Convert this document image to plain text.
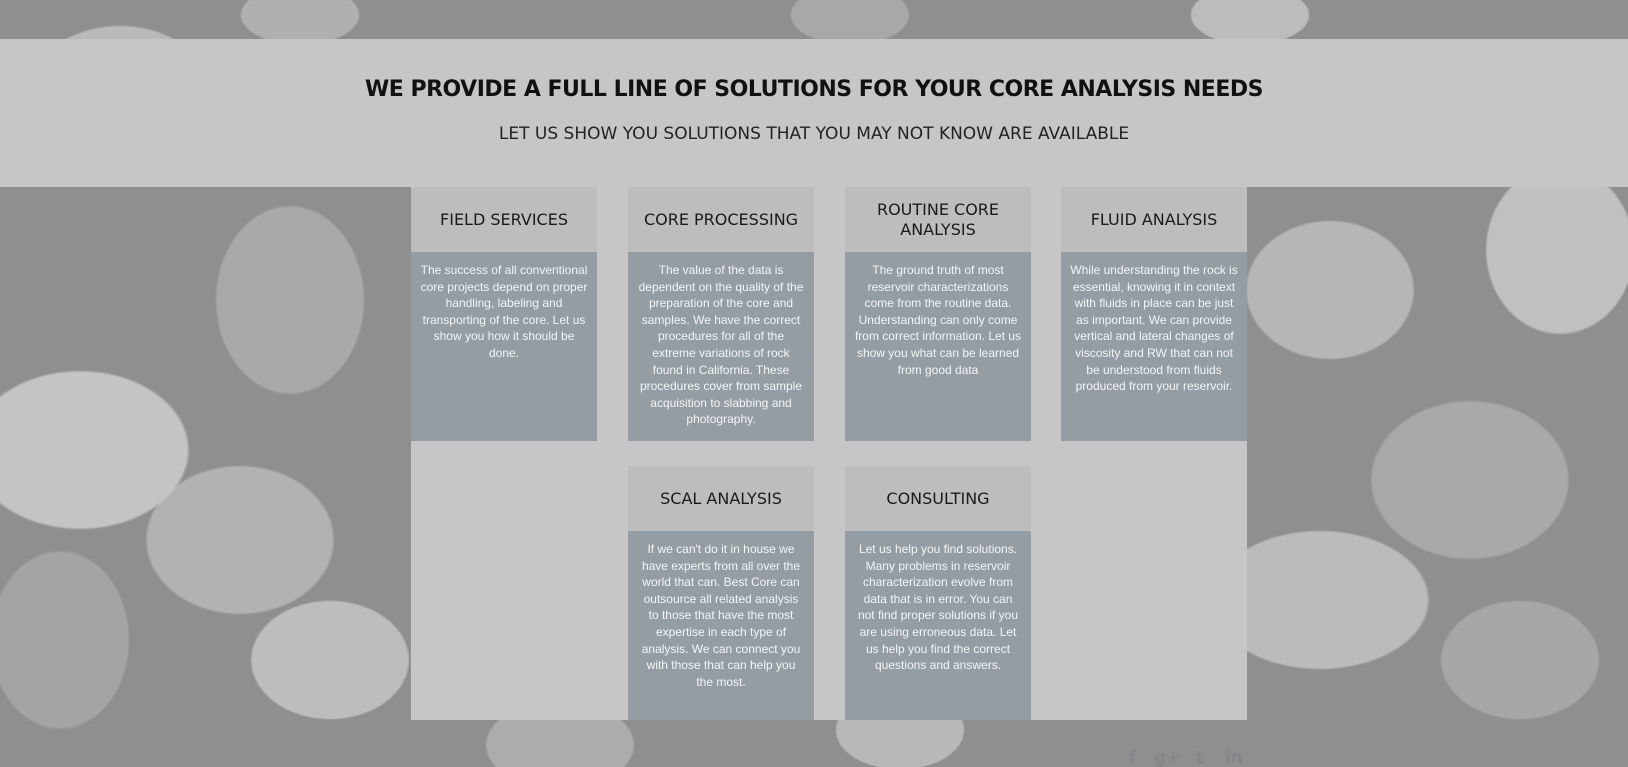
WE PROVIDE A FULL LINE OF SOLUTIONS FOR YOUR CORE ANALYSIS NEEDS
LET US SHOW YOU SOLUTIONS THAT YOU MAY NOT KNOW ARE AVAILABLE
FIELD SERVICES
The success of all conventional core projects depend on proper handling, labeling and transporting of the core. Let us show you how it should be done.
CORE PROCESSING
The value of the data is dependent on the quality of the preparation of the core and samples. We have the correct procedures for all of the extreme variations of rock found in California. These procedures cover from sample acquisition to slabbing and photography.
ROUTINE CORE ANALYSIS
The ground truth of most reservoir characterizations come from the routine data. Understanding can only come from correct information. Let us show you what can be learned from good data
FLUID ANALYSIS
While understanding the rock is essential, knowing it in context with fluids in place can be just as important. We can provide vertical and lateral changes of viscosity and RW that can not be understood from fluids produced from your reservoir.
SCAL ANALYSIS
If we can't do it in house we have experts from all over the world that can. Best Core can outsource all related analysis to those that have the most expertise in each type of analysis. We can connect you with those that can help you the most.
CONSULTING
Let us help you find solutions. Many problems in reservoir characterization evolve from data that is in error. You can not find proper solutions if you are using erroneous data. Let us help you find the correct questions and answers.
f	g+ t	in
